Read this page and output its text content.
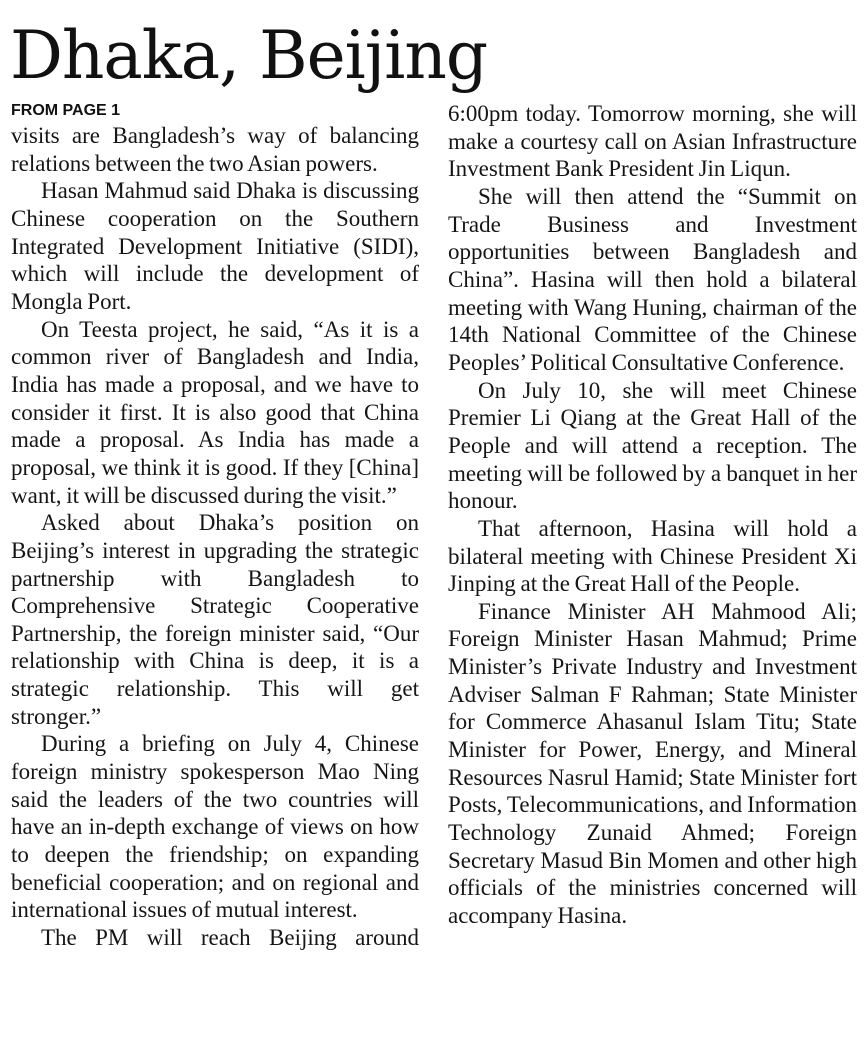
Dhaka, Beijing
FROM PAGE 1

visits are Bangladesh’s way of balancing relations between the two Asian powers.

Hasan Mahmud said Dhaka is discussing Chinese cooperation on the Southern Integrated Development Initiative (SIDI), which will include the development of Mongla Port.

On Teesta project, he said, “As it is a common river of Bangladesh and India, India has made a proposal, and we have to consider it first. It is also good that China made a proposal. As India has made a proposal, we think it is good. If they [China] want, it will be discussed during the visit.”

Asked about Dhaka’s position on Beijing’s interest in upgrading the strategic partnership with Bangladesh to Comprehensive Strategic Cooperative Partnership, the foreign minister said, “Our relationship with China is deep, it is a strategic relationship. This will get stronger.”

During a briefing on July 4, Chinese foreign ministry spokesperson Mao Ning said the leaders of the two countries will have an in-depth exchange of views on how to deepen the friendship; on expanding beneficial cooperation; and on regional and international issues of mutual interest.

The PM will reach Beijing around

6:00pm today. Tomorrow morning, she will make a courtesy call on Asian Infrastructure Investment Bank President Jin Liqun.

She will then attend the “Summit on Trade Business and Investment opportunities between Bangladesh and China”. Hasina will then hold a bilateral meeting with Wang Huning, chairman of the 14th National Committee of the Chinese Peoples’ Political Consultative Conference.

On July 10, she will meet Chinese Premier Li Qiang at the Great Hall of the People and will attend a reception. The meeting will be followed by a banquet in her honour.

That afternoon, Hasina will hold a bilateral meeting with Chinese President Xi Jinping at the Great Hall of the People.

Finance Minister AH Mahmood Ali; Foreign Minister Hasan Mahmud; Prime Minister’s Private Industry and Investment Adviser Salman F Rahman; State Minister for Commerce Ahasanul Islam Titu; State Minister for Power, Energy, and Mineral Resources Nasrul Hamid; State Minister fort Posts, Telecommunications, and Information Technology Zunaid Ahmed; Foreign Secretary Masud Bin Momen and other high officials of the ministries concerned will accompany Hasina.
